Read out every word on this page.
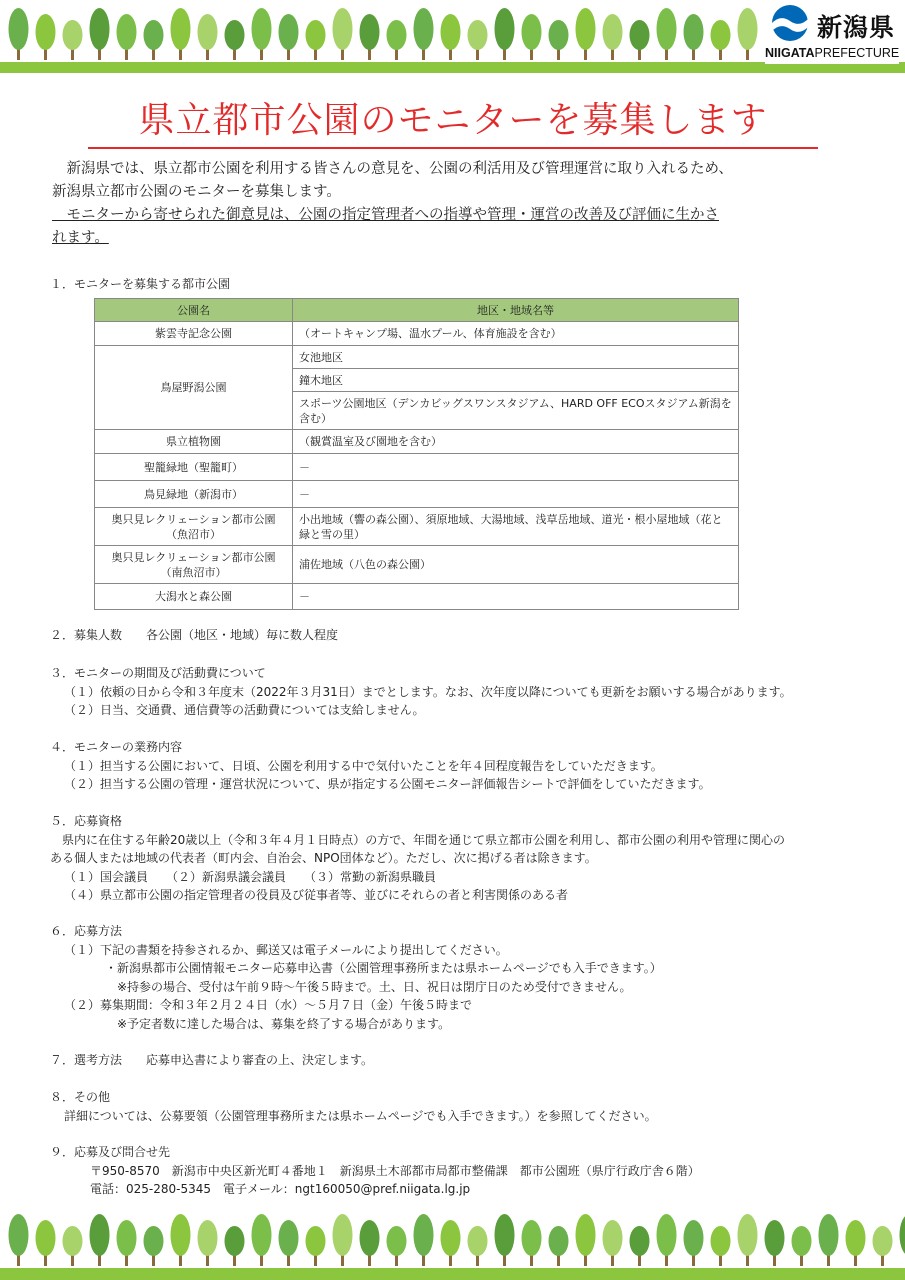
新潟県
NIIGATAPREFECTURE
県立都市公園のモニターを募集します

　新潟県では、県立都市公園を利用する皆さんの意見を、公園の利活用及び管理運営に取り入れるため、

新潟県立都市公園のモニターを募集します。

　モニターから寄せられた御意見は、公園の指定管理者への指導や管理・運営の改善及び評価に生かさ

れます。

１．モニターを募集する都市公園

公園名	地区・地域名等
紫雲寺記念公園	（オートキャンプ場、温水プール、体育施設を含む）
鳥屋野潟公園	女池地区
	鐘木地区
	スポーツ公園地区（デンカビッグスワンスタジアム、HARD OFF ECOスタジアム新潟を含む）
県立植物園	（観賞温室及び園地を含む）
聖籠緑地（聖籠町）	－
鳥見緑地（新潟市）	－
奥只見レクリェーション都市公園（魚沼市）	小出地域（響の森公園）、須原地域、大湯地域、浅草岳地域、道光・根小屋地域（花と緑と雪の里）
奥只見レクリェーション都市公園（南魚沼市）	浦佐地域（八色の森公園）
大潟水と森公園	－

２．募集人数　　各公園（地区・地域）毎に数人程度

３．モニターの期間及び活動費について

（１）依頼の日から令和３年度末（2022年３月31日）までとします。なお、次年度以降についても更新をお願いする場合があります。

（２）日当、交通費、通信費等の活動費については支給しません。

４．モニターの業務内容

（１）担当する公園において、日頃、公園を利用する中で気付いたことを年４回程度報告をしていただきます。

（２）担当する公園の管理・運営状況について、県が指定する公園モニター評価報告シートで評価をしていただきます。

５．応募資格

　県内に在住する年齢20歳以上（令和３年４月１日時点）の方で、年間を通じて県立都市公園を利用し、都市公園の利用や管理に関心の

ある個人または地域の代表者（町内会、自治会、NPO団体など）。ただし、次に掲げる者は除きます。

（１）国会議員　　（２）新潟県議会議員　　（３）常勤の新潟県職員

（４）県立都市公園の指定管理者の役員及び従事者等、並びにそれらの者と利害関係のある者

６．応募方法

（１）下記の書類を持参されるか、郵送又は電子メールにより提出してください。

・新潟県都市公園情報モニター応募申込書（公園管理事務所または県ホームページでも入手できます。）

※持参の場合、受付は午前９時～午後５時まで。土、日、祝日は閉庁日のため受付できません。

（２）募集期間：令和３年２月２４日（水）～５月７日（金）午後５時まで

※予定者数に達した場合は、募集を終了する場合があります。

７．選考方法　　応募申込書により審査の上、決定します。

８．その他

詳細については、公募要領（公園管理事務所または県ホームページでも入手できます。）を参照してください。

９．応募及び問合せ先

〒950-8570　新潟市中央区新光町４番地１　新潟県土木部都市局都市整備課　都市公園班（県庁行政庁舎６階）

電話：025-280-5345　電子メール：ngt160050@pref.niigata.lg.jp
